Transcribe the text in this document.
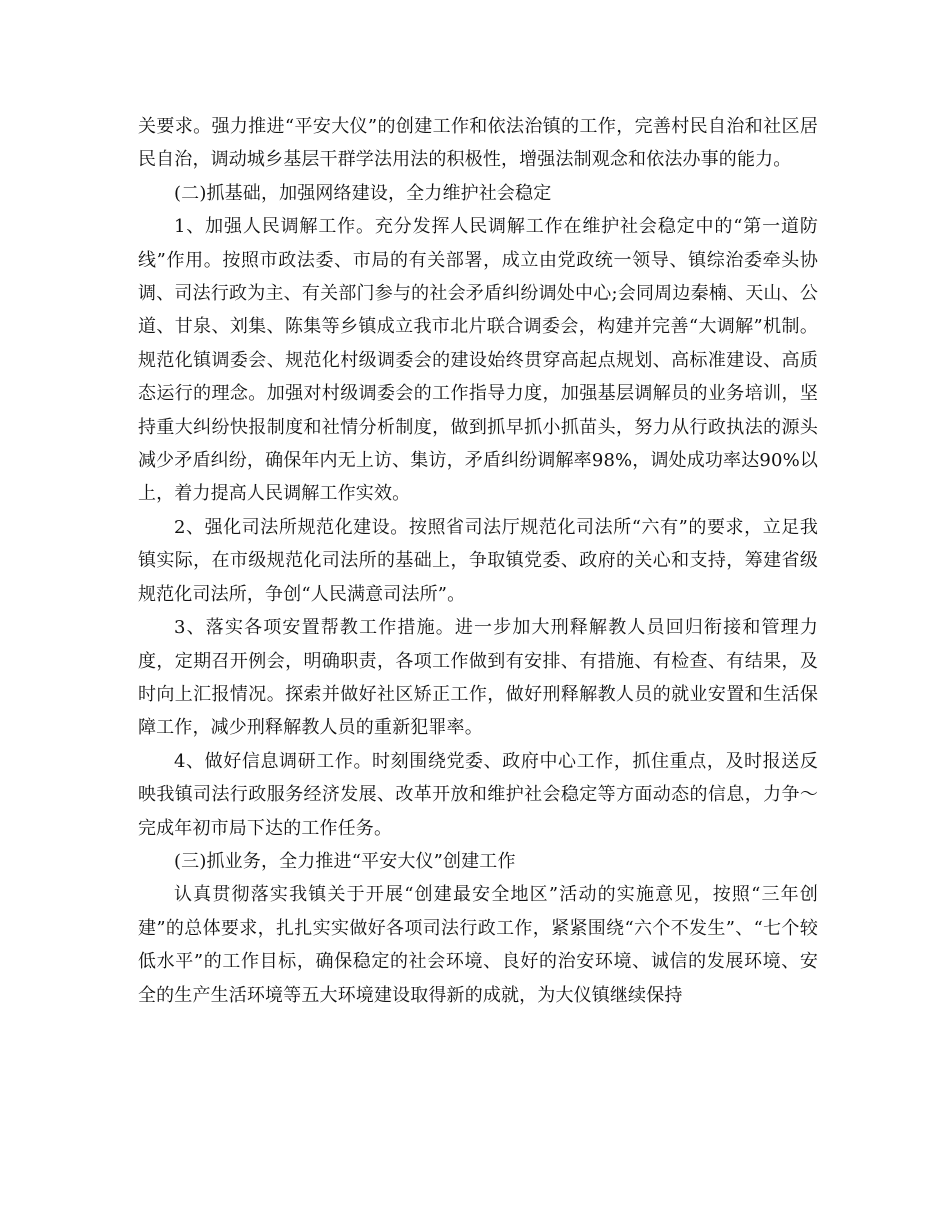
关要求。强力推进“平安大仪”的创建工作和依法治镇的工作，完善村民自治和社区居民自治，调动城乡基层干群学法用法的积极性，增强法制观念和依法办事的能力。

(二)抓基础，加强网络建设，全力维护社会稳定

1、加强人民调解工作。充分发挥人民调解工作在维护社会稳定中的“第一道防线”作用。按照市政法委、市局的有关部署，成立由党政统一领导、镇综治委牵头协调、司法行政为主、有关部门参与的社会矛盾纠纷调处中心;会同周边秦楠、天山、公道、甘泉、刘集、陈集等乡镇成立我市北片联合调委会，构建并完善“大调解”机制。规范化镇调委会、规范化村级调委会的建设始终贯穿高起点规划、高标准建设、高质态运行的理念。加强对村级调委会的工作指导力度，加强基层调解员的业务培训，坚持重大纠纷快报制度和社情分析制度，做到抓早抓小抓苗头，努力从行政执法的源头减少矛盾纠纷，确保年内无上访、集访，矛盾纠纷调解率98%，调处成功率达90%以上，着力提高人民调解工作实效。

2、强化司法所规范化建设。按照省司法厅规范化司法所“六有”的要求，立足我镇实际，在市级规范化司法所的基础上，争取镇党委、政府的关心和支持，筹建省级规范化司法所，争创“人民满意司法所”。

3、落实各项安置帮教工作措施。进一步加大刑释解教人员回归衔接和管理力度，定期召开例会，明确职责，各项工作做到有安排、有措施、有检查、有结果，及时向上汇报情况。探索并做好社区矫正工作，做好刑释解教人员的就业安置和生活保障工作，减少刑释解教人员的重新犯罪率。

4、做好信息调研工作。时刻围绕党委、政府中心工作，抓住重点，及时报送反映我镇司法行政服务经济发展、改革开放和维护社会稳定等方面动态的信息，力争～完成年初市局下达的工作任务。

(三)抓业务，全力推进“平安大仪”创建工作

认真贯彻落实我镇关于开展“创建最安全地区”活动的实施意见，按照“三年创建”的总体要求，扎扎实实做好各项司法行政工作，紧紧围绕“六个不发生”、“七个较低水平”的工作目标，确保稳定的社会环境、良好的治安环境、诚信的发展环境、安全的生产生活环境等五大环境建设取得新的成就，为大仪镇继续保持
